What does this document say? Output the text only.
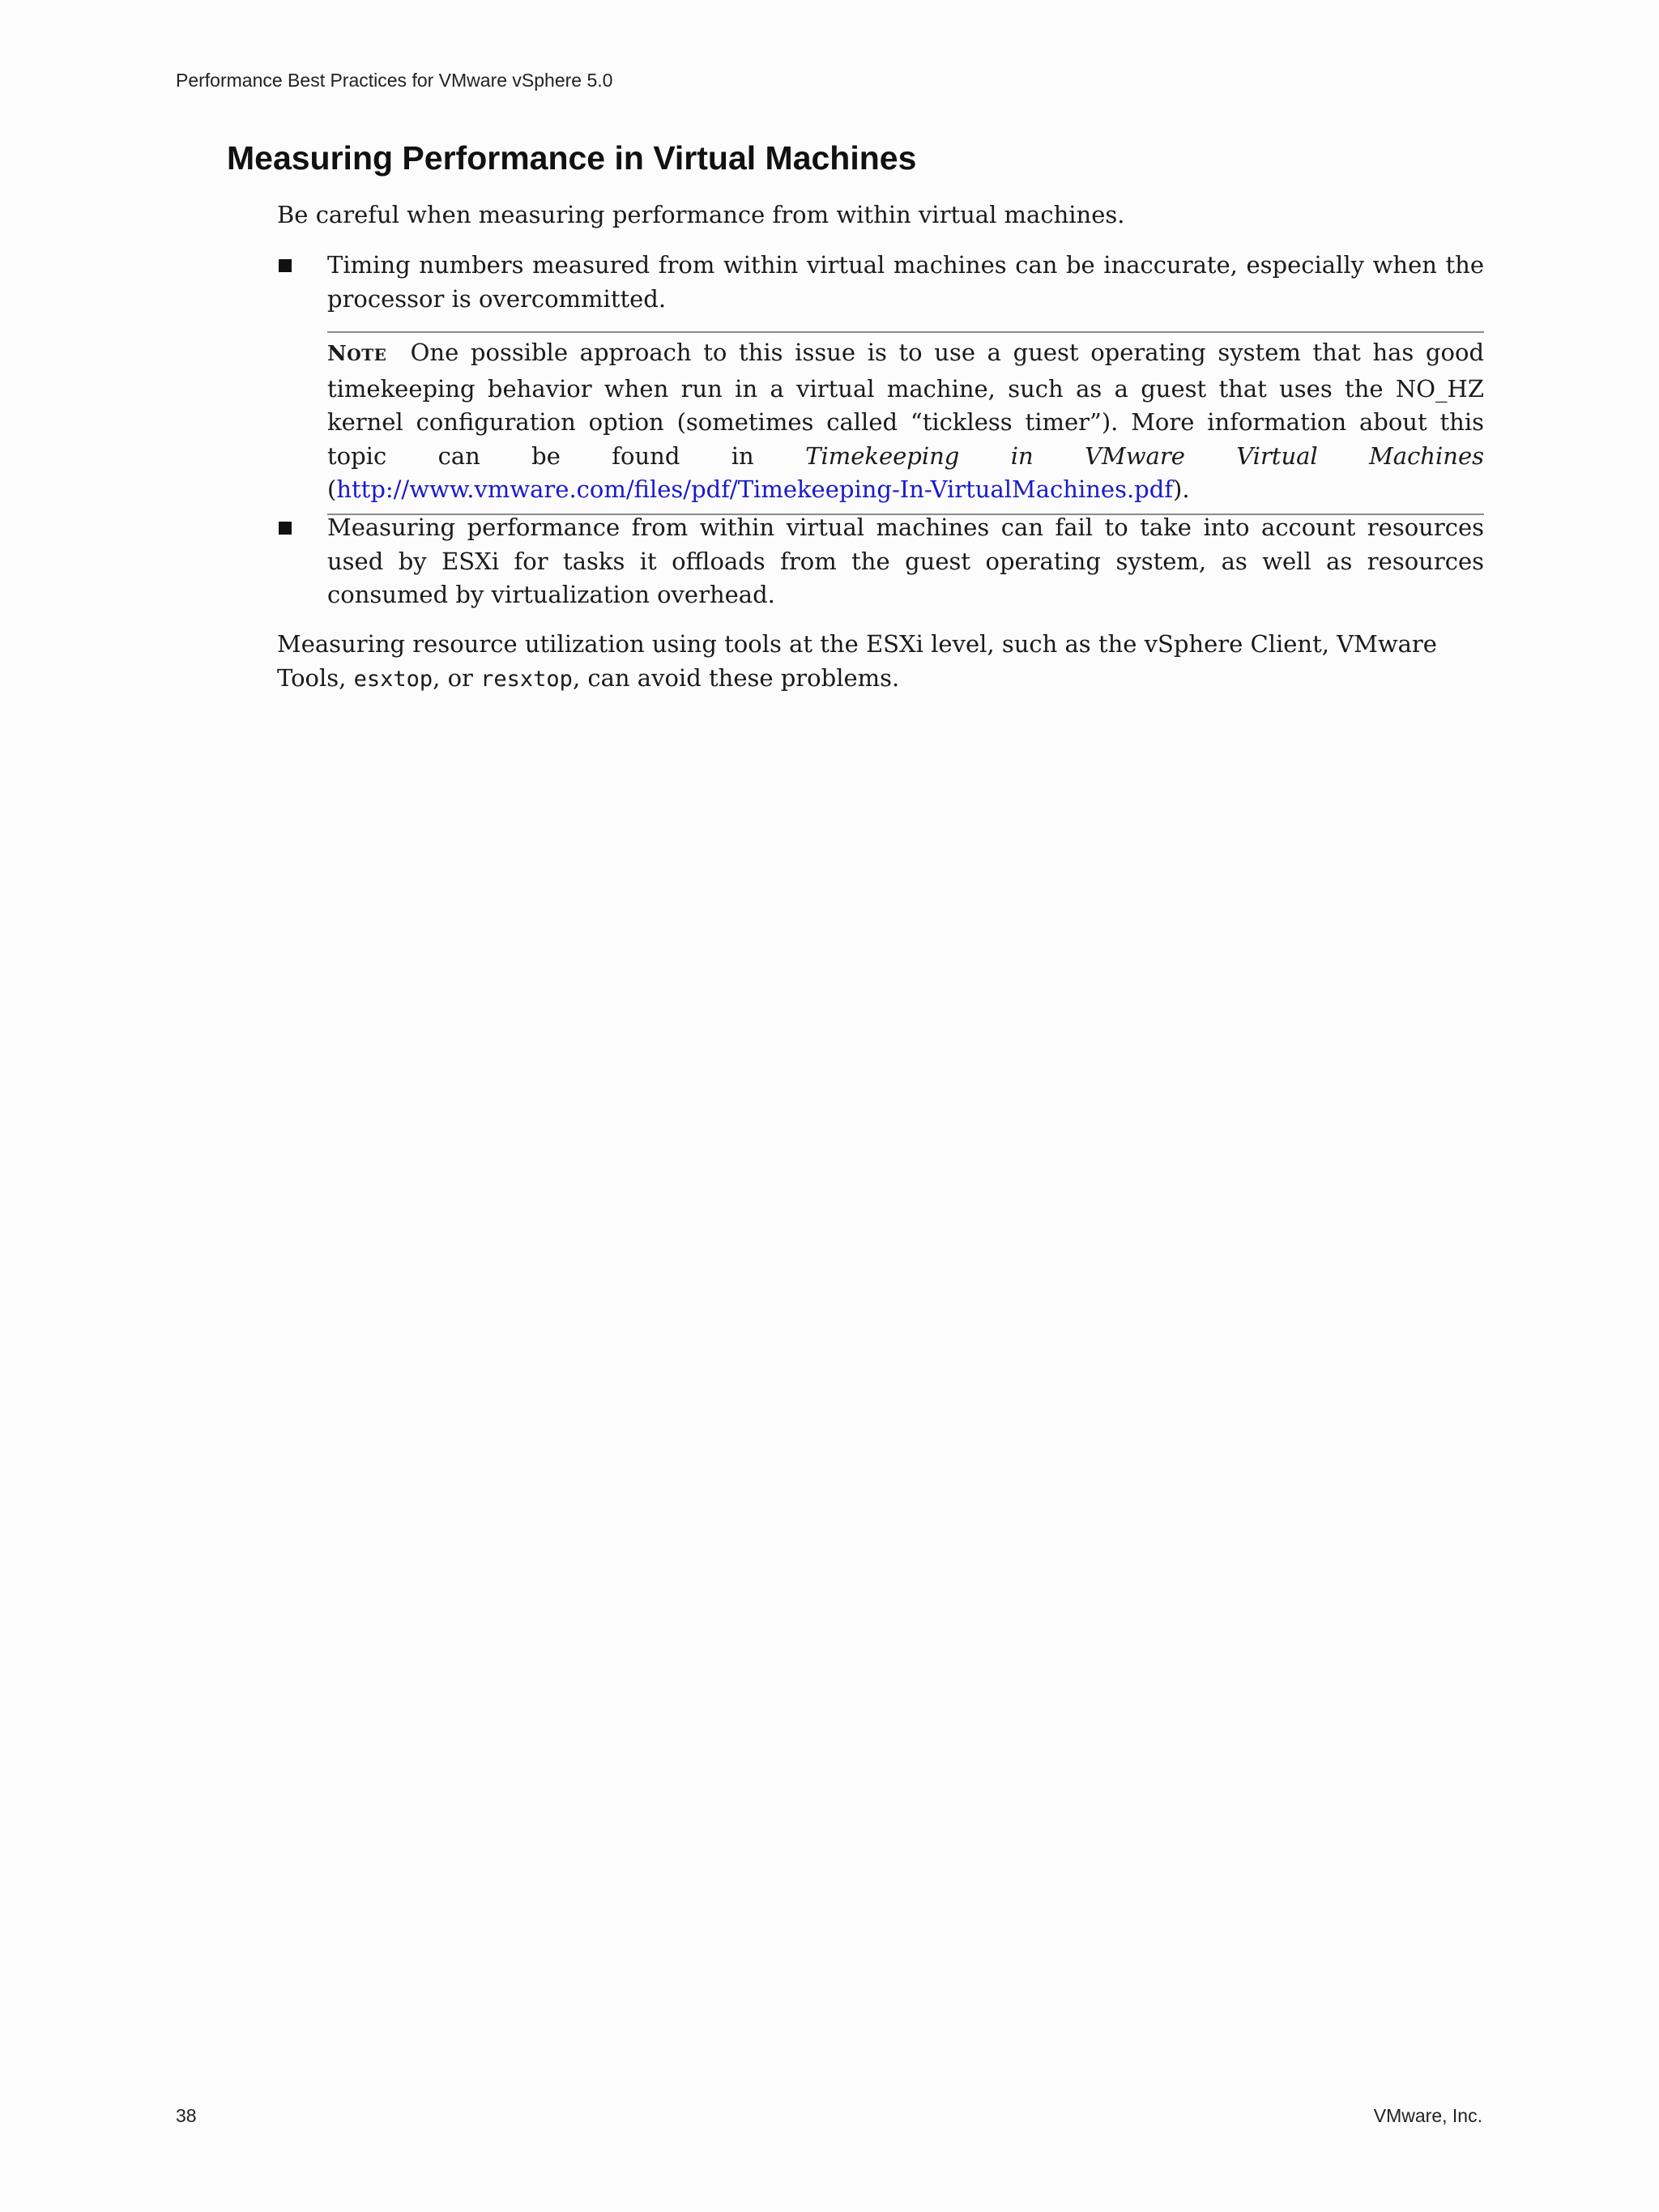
Performance Best Practices for VMware vSphere 5.0
Measuring Performance in Virtual Machines

Be careful when measuring performance from within virtual machines.

Timing numbers measured from within virtual machines can be inaccurate, especially when the processor is overcommitted.

NOTE One possible approach to this issue is to use a guest operating system that has good timekeeping behavior when run in a virtual machine, such as a guest that uses the NO_HZ kernel configuration option (sometimes called “tickless timer”). More information about this topic can be found in Timekeeping in VMware Virtual Machines (http://www.vmware.com/files/pdf/Timekeeping-In-VirtualMachines.pdf).

Measuring performance from within virtual machines can fail to take into account resources used by ESXi for tasks it offloads from the guest operating system, as well as resources consumed by virtualization overhead.

Measuring resource utilization using tools at the ESXi level, such as the vSphere Client, VMware Tools, esxtop, or resxtop, can avoid these problems.

38	VMware, Inc.
